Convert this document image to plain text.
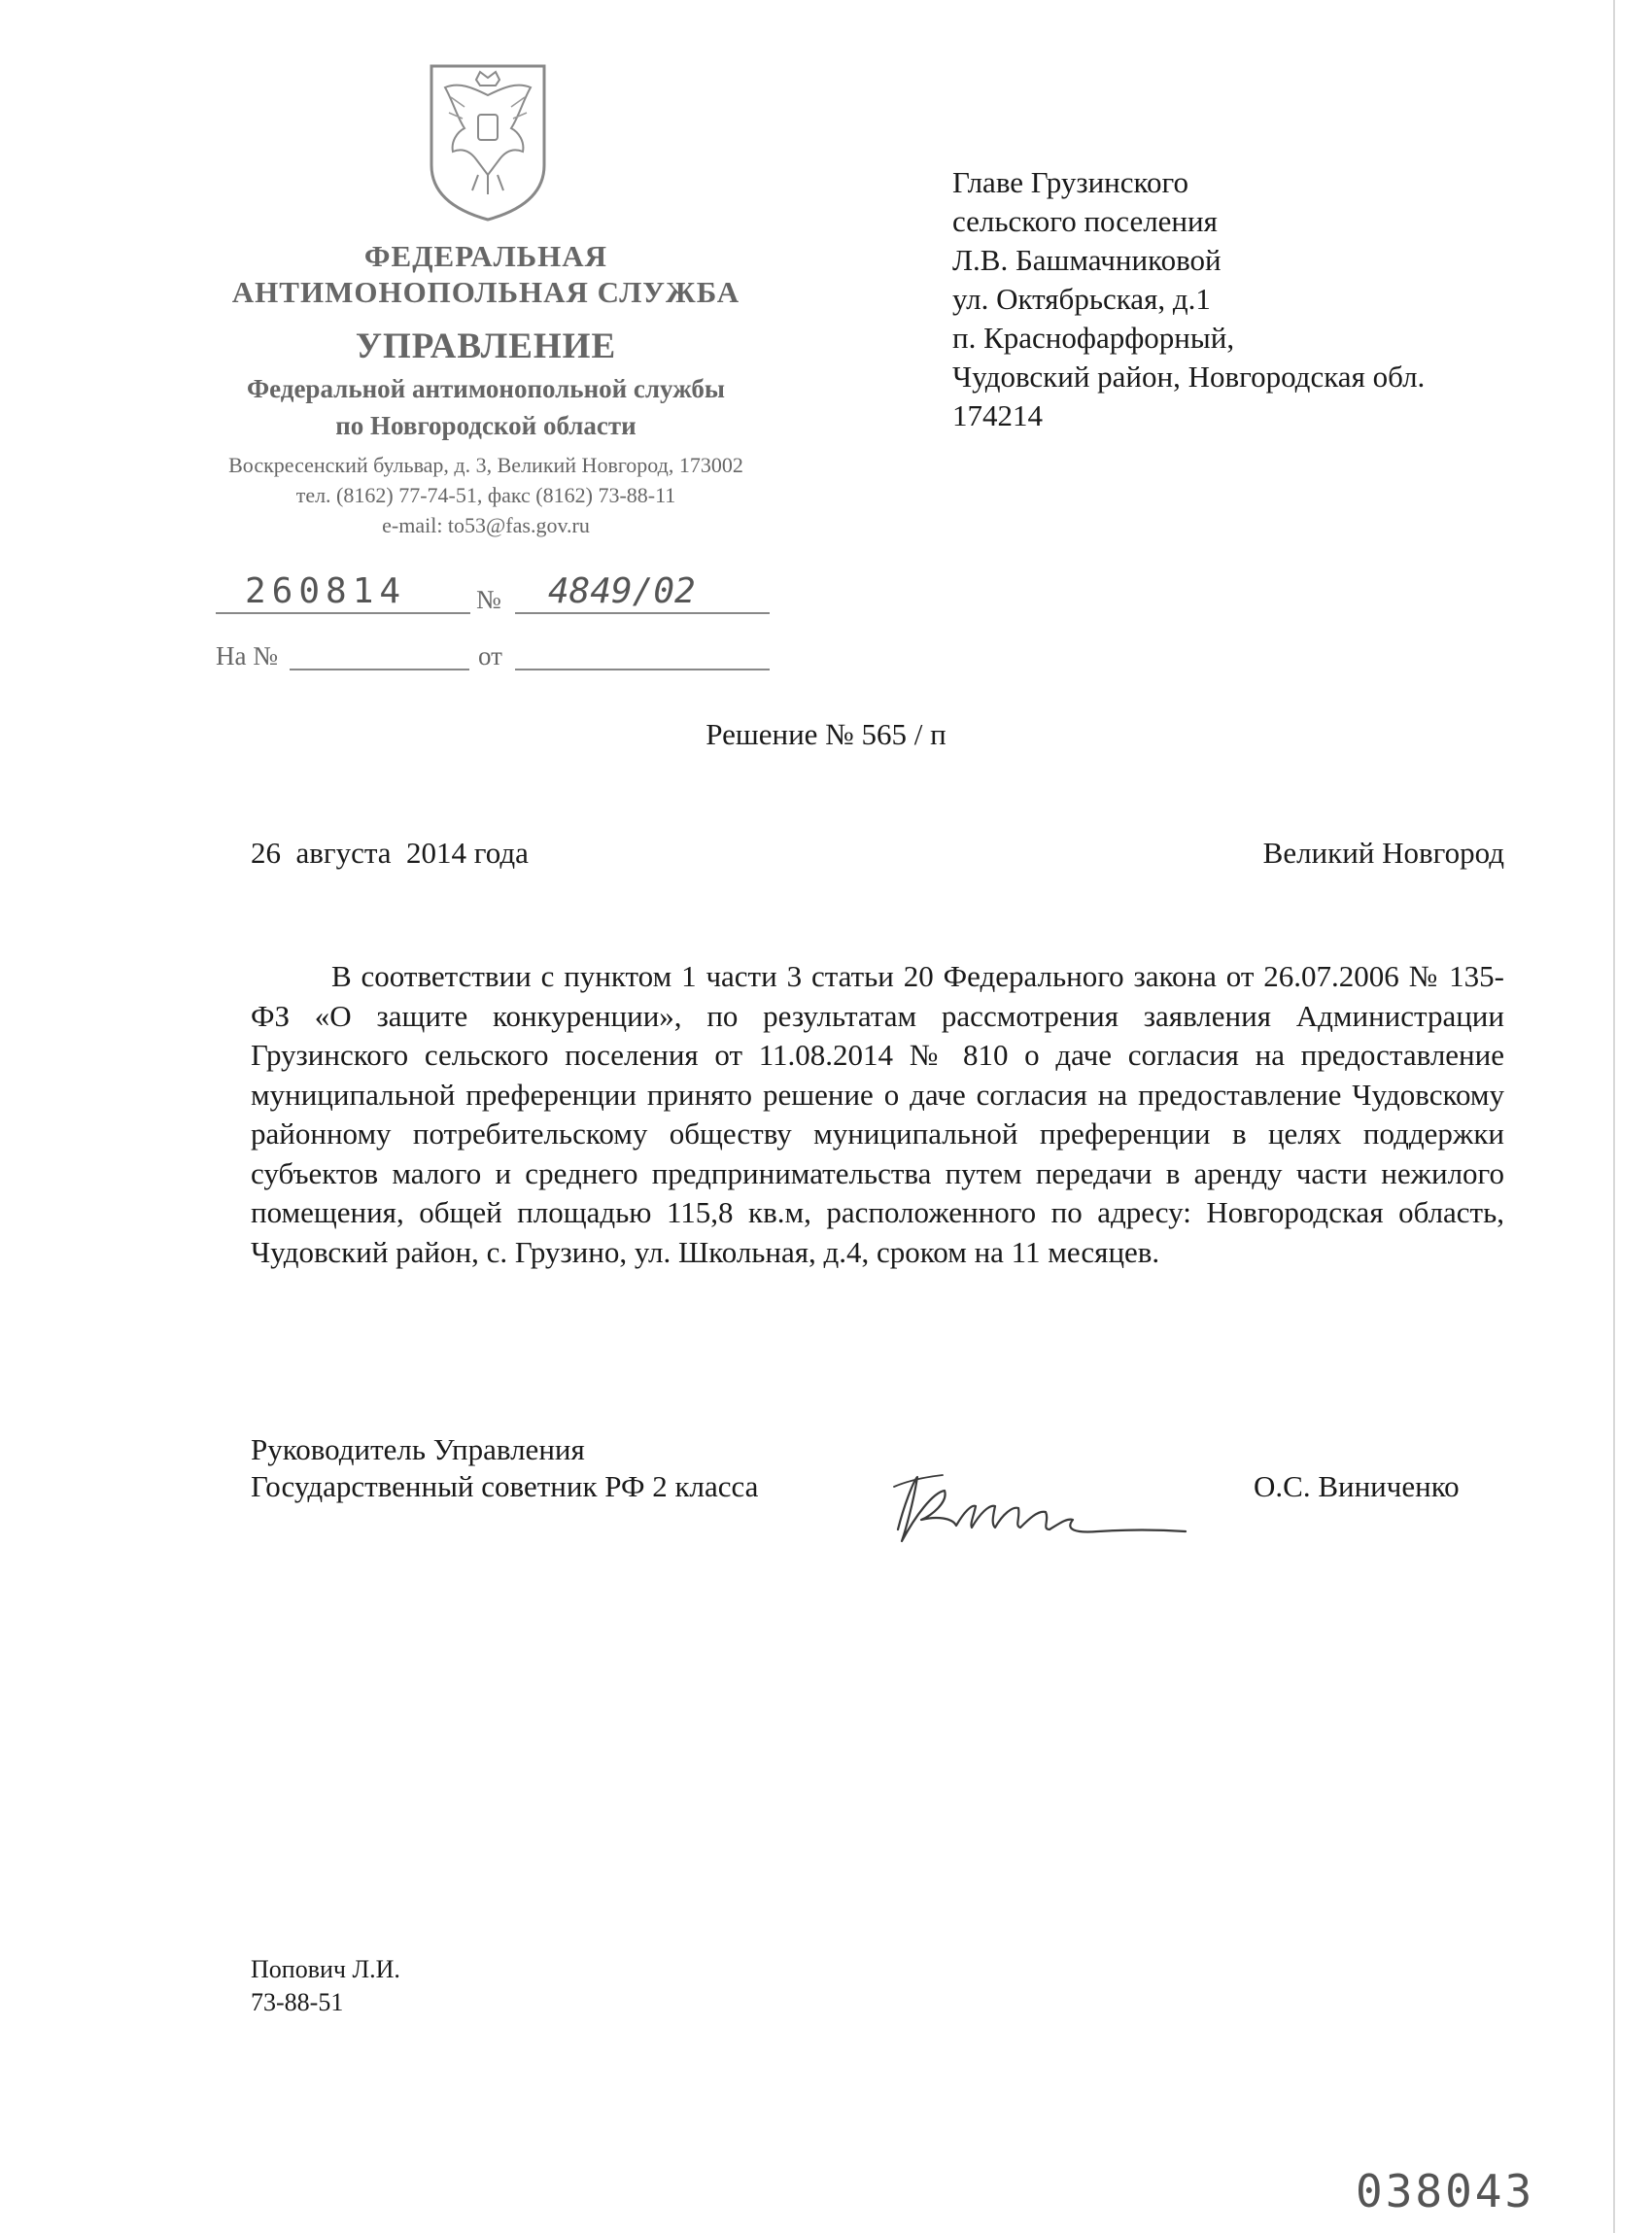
ФЕДЕРАЛЬНАЯ
АНТИМОНОПОЛЬНАЯ СЛУЖБА
УПРАВЛЕНИЕ
Федеральной антимонопольной службы
по Новгородской области
Воскресенский бульвар, д. 3, Великий Новгород, 173002
тел. (8162) 77-74-51, факс (8162) 73-88-11
e-mail: to53@fas.gov.ru
260814	№	4849/02
На №	от
Главе Грузинского
сельского поселения
Л.В. Башмачниковой
ул. Октябрьская, д.1
п. Краснофарфорный,
Чудовский район, Новгородская обл.
174214
Решение № 565 / п
26  августа  2014 года	Великий Новгород

В соответствии с пунктом 1 части 3 статьи 20 Федерального закона от 26.07.2006 № 135-ФЗ «О защите конкуренции», по результатам рассмотрения заявления Администрации Грузинского сельского поселения от 11.08.2014 № 810 о даче согласия на предоставление муниципальной преференции принято решение о даче согласия на предоставление Чудовскому районному потребительскому обществу муниципальной преференции в целях поддержки субъектов малого и среднего предпринимательства путем передачи в аренду части нежилого помещения, общей площадью 115,8 кв.м, расположенного по адресу: Новгородская область, Чудовский район, с. Грузино, ул. Школьная, д.4, сроком на 11 месяцев.

Руководитель Управления
Государственный советник РФ 2 класса	О.С. Виниченко
Попович Л.И.
73-88-51
038043
